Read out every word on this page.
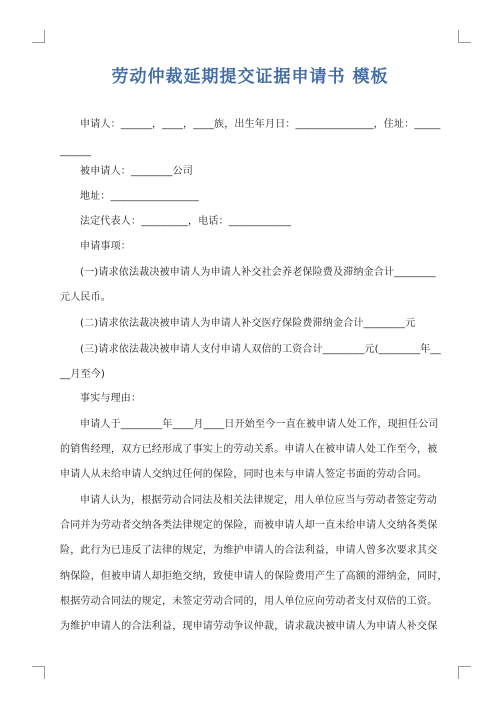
劳动仲裁延期提交证据申请书 模板
申请人：______，____，____族，出生年月日：_______________，住址：_____
______
被申请人：________公司
地址：_________________
法定代表人：_________，电话：____________
申请事项：
(一)请求依法裁决被申请人为申请人补交社会养老保险费及滞纳金合计________
元人民币。
(二)请求依法裁决被申请人为申请人补交医疗保险费滞纳金合计________元
(三)请求依法裁决被申请人支付申请人双倍的工资合计________元(________年__
__月至今)
事实与理由：
申请人于________年____月____日开始至今一直在被申请人处工作，现担任公司
的销售经理，双方已经形成了事实上的劳动关系。申请人在被申请人处工作至今，被
申请人从未给申请人交纳过任何的保险，同时也未与申请人签定书面的劳动合同。
申请人认为，根据劳动合同法及相关法律规定，用人单位应当与劳动者签定劳动
合同并为劳动者交纳各类法律规定的保险，而被申请人却一直未给申请人交纳各类保
险，此行为已违反了法律的规定，为维护申请人的合法利益，申请人曾多次要求其交
纳保险，但被申请人却拒绝交纳，致使申请人的保险费用产生了高额的滞纳金，同时，
根据劳动合同法的规定，未签定劳动合同的，用人单位应向劳动者支付双倍的工资。
为维护申请人的合法利益，现申请劳动争议仲裁，请求裁决被申请人为申请人补交保
